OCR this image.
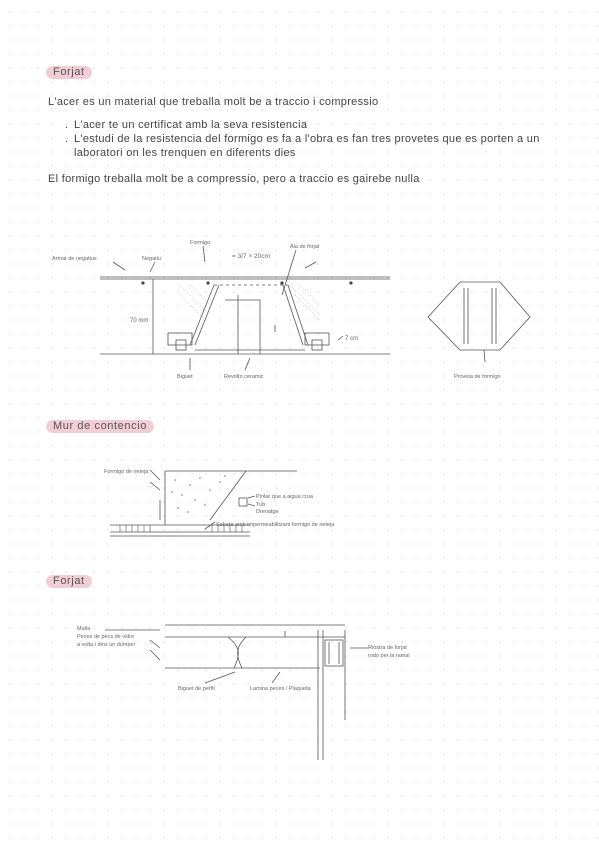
Forjat
L'acer es un material que treballa molt be a traccio i compressio
. L'acer te un certificat amb la seva resistencia
. L'estudi de la resistencia del formigo es fa a l'obra es fan tres provetes que es porten a un laboratori on les trenquen en diferents dies
El formigo treballa molt be a compressio, pero a traccio es gairebe nulla
Formigo
Armat de negatius	Negatiu	= 3/7 × 20cm
Ala de forjat
70 mm
7 cm
Biguet	Revolto ceramic	Proveta de formigo
Mur de contencio
Formigo de neteja
Pintar que a aigua crua
Tub
Drenatge
Sabata amb impermeabilitzant formigo de neteja
Forjat
Malla
Peces de pecs de vidre
a volta i dins un dumper
Biguet de perfil	Lamina peces / Plaqueta
Riostra de forjat
rodo per la ramal
